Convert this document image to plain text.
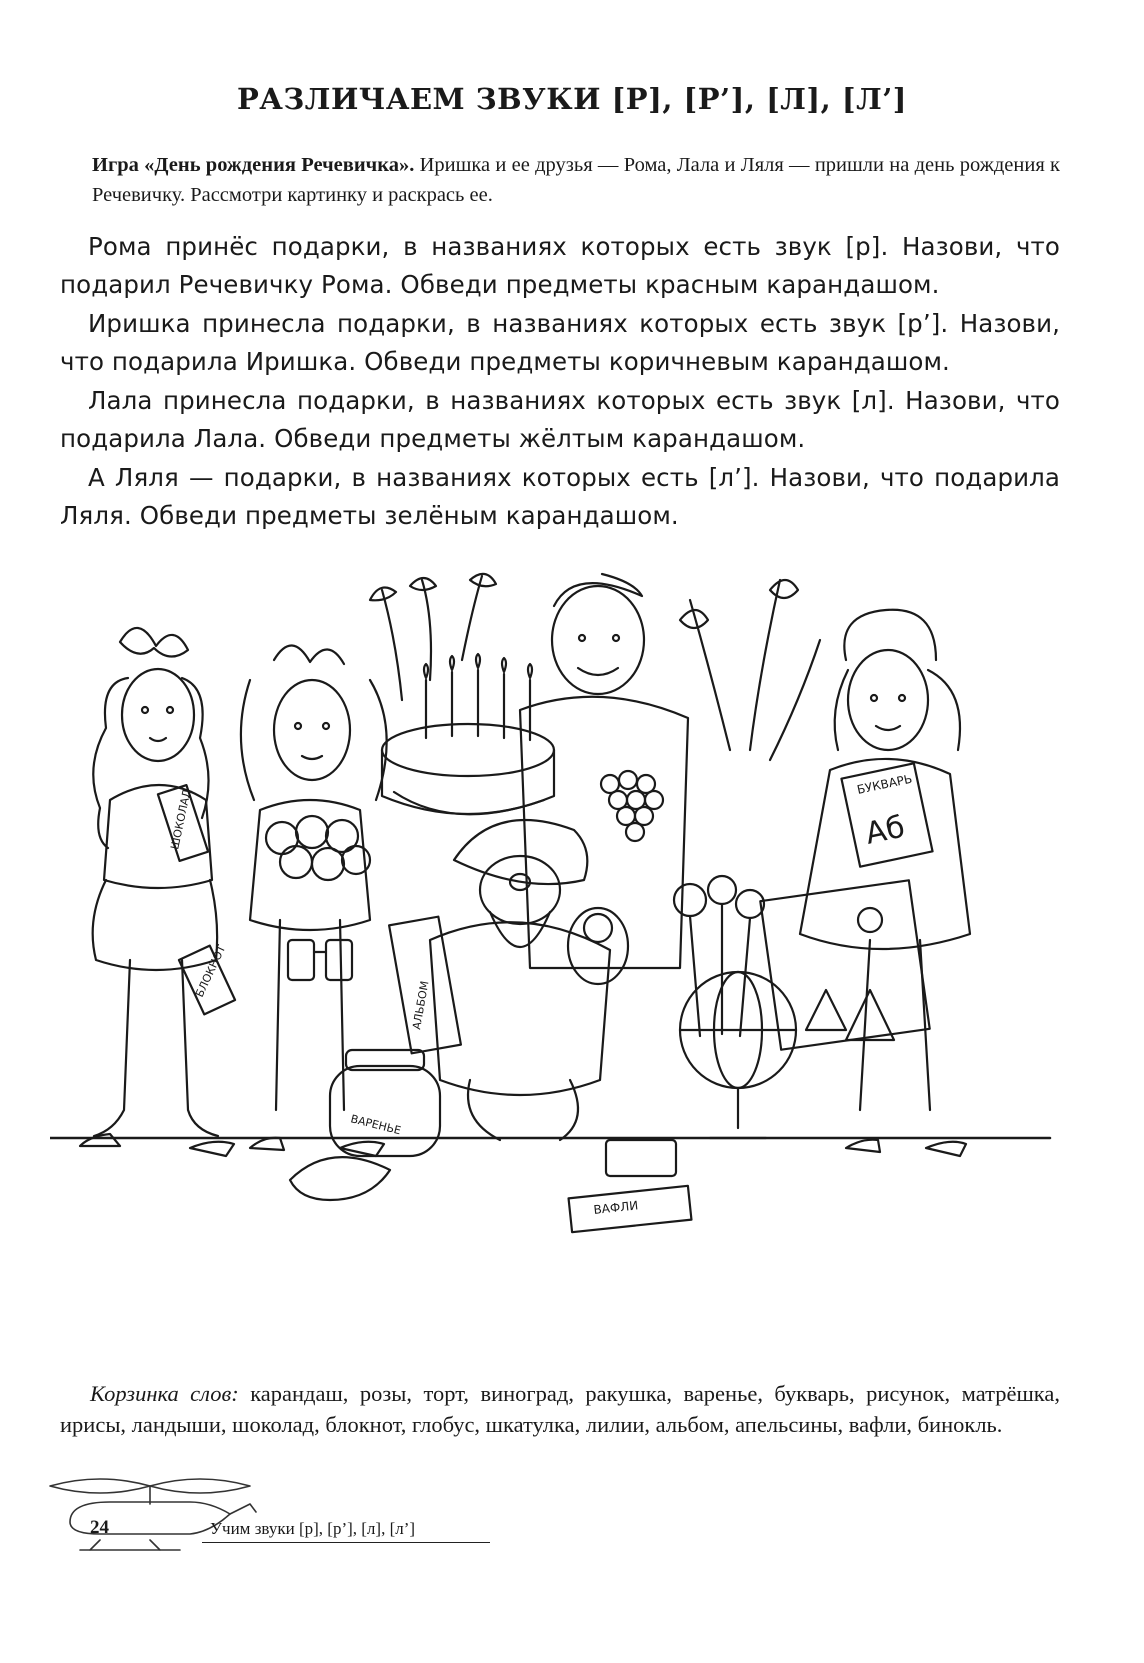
РАЗЛИЧАЕМ ЗВУКИ [Р], [Р’], [Л], [Л’]
Игра «День рождения Речевичка». Иришка и ее друзья — Рома, Лала и Ляля — пришли на день рождения к Речевичку. Рассмотри картинку и раскрась ее.

Рома принёс подарки, в названиях которых есть звук [р]. Назови, что подарил Речевичку Рома. Обведи предметы красным карандашом.

Иришка принесла подарки, в названиях которых есть звук [р’]. Назови, что подарила Иришка. Обведи предметы коричневым карандашом.

Лала принесла подарки, в названиях которых есть звук [л]. Назови, что подарила Лала. Обведи предметы жёлтым карандашом.

А Ляля — подарки, в названиях которых есть [л’]. Назови, что подарила Ляля. Обведи предметы зелёным карандашом.

ШОКОЛАД
БЛОКНОТ
АЛЬБОМ
БУКВАРЬ
Аб
ВАРЕНЬЕ
ВАФЛИ
Корзинка слов: карандаш, розы, торт, виноград, ракушка, варенье, букварь, рисунок, матрёшка, ирисы, ландыши, шоколад, блокнот, глобус, шкатулка, лилии, альбом, апельсины, вафли, бинокль.
24	Учим звуки [р], [р’], [л], [л’]
